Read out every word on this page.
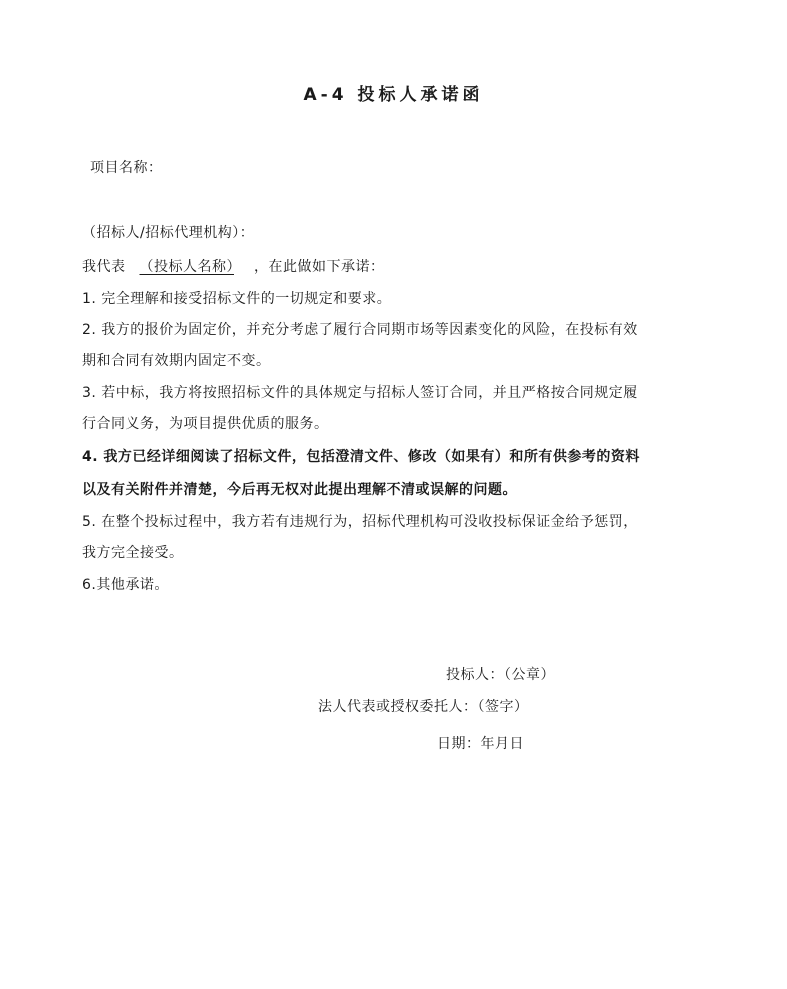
A-4 投标人承诺函
项目名称：
（招标人/招标代理机构）：
我代表 （投标人名称） ，在此做如下承诺：
1. 完全理解和接受招标文件的一切规定和要求。
2. 我方的报价为固定价，并充分考虑了履行合同期市场等因素变化的风险，在投标有效
期和合同有效期内固定不变。
3. 若中标，我方将按照招标文件的具体规定与招标人签订合同，并且严格按合同规定履
行合同义务，为项目提供优质的服务。
4. 我方已经详细阅读了招标文件，包括澄清文件、修改（如果有）和所有供参考的资料
以及有关附件并清楚，今后再无权对此提出理解不清或误解的问题。
5. 在整个投标过程中，我方若有违规行为，招标代理机构可没收投标保证金给予惩罚，
我方完全接受。
6.其他承诺。
投标人：（公章）
法人代表或授权委托人：（签字）
日期：年月日
